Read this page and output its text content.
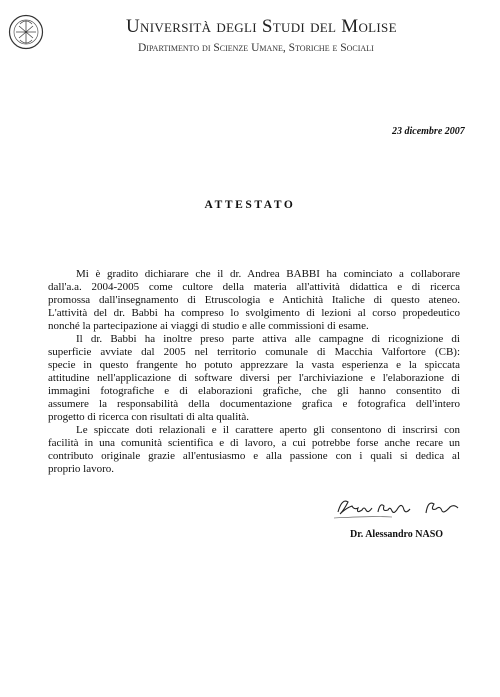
Università degli Studi del Molise
Dipartimento di Scienze Umane, Storiche e Sociali
23 dicembre 2007
ATTESTATO

Mi è gradito dichiarare che il dr. Andrea BABBI ha cominciato a collaborare
dall'a.a. 2004-2005 come cultore della materia all'attività didattica e di ricerca
promossa dall'insegnamento di Etruscologia e Antichità Italiche di questo ateneo.
L'attività del dr. Babbi ha compreso lo svolgimento di lezioni al corso propedeutico
nonché la partecipazione ai viaggi di studio e alle commissioni di esame.

Il dr. Babbi ha inoltre preso parte attiva alle campagne di ricognizione di
superficie avviate dal 2005 nel territorio comunale di Macchia Valfortore (CB):
specie in questo frangente ho potuto apprezzare la vasta esperienza e la spiccata
attitudine nell'applicazione di software diversi per l'archiviazione e l'elaborazione di
immagini fotografiche e di elaborazioni grafiche, che gli hanno consentito di
assumere la responsabilità della documentazione grafica e fotografica dell'intero
progetto di ricerca con risultati di alta qualità.

Le spiccate doti relazionali e il carattere aperto gli consentono di inscrirsi con
facilità in una comunità scientifica e di lavoro, a cui potrebbe forse anche recare un
contributo originale grazie all'entusiasmo e alla passione con i quali si dedica al
proprio lavoro.

Dr. Alessandro NASO
